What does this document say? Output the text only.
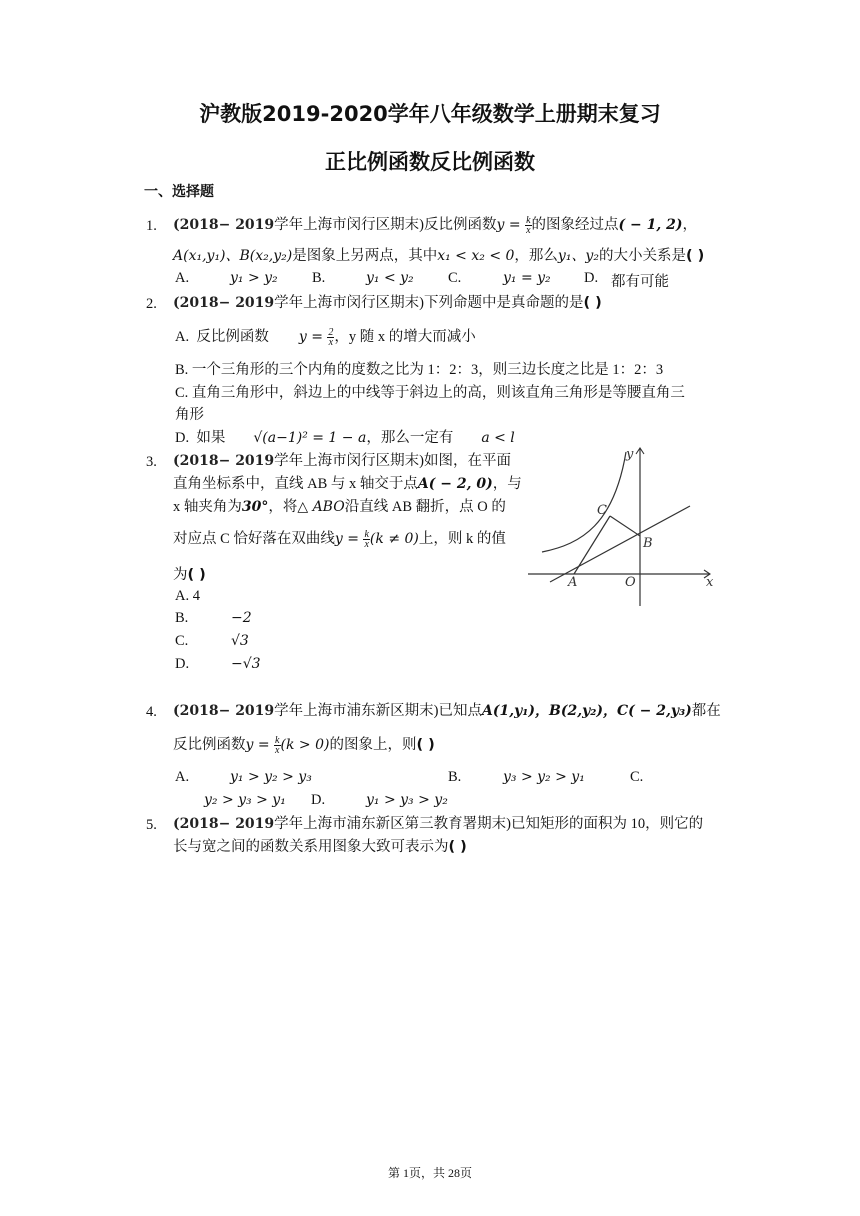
沪教版2019-2020学年八年级数学上册期末复习
正比例函数反比例函数
一、选择题
1. (2018− 2019学年上海市闵行区期末)反比例函数$y = \frac{k}{x}$ 的图象经过点( − 1, 2)，
A(x₁,y₁)、B(x₂,y₂)是图象上另两点，其中x₁ < x₂ < 0，那么y₁、y₂的大小关系是( )
A.	y₁ > y₂ B.	y₁ < y₂ C.	y₁ = y₂ D. 都有可能
2. (2018− 2019学年上海市闵行区期末)下列命题中是真命题的是( )
A. 反比例函数 $y = \frac{2}{x}$ ，y 随 x 的增大而减小
B. 一个三角形的三个内角的度数之比为 1：2：3，则三边长度之比是 1：2：3
C. 直角三角形中，斜边上的中线等于斜边上的高，则该直角三角形是等腰直角三
角形
D. 如果 √(a−1)² = 1 − a，那么一定有 a < l
3. (2018− 2019学年上海市闵行区期末)如图，在平面
直角坐标系中，直线 AB 与 x 轴交于点A( − 2, 0)，与
x 轴夹角为30°，将△ ABO沿直线 AB 翻折，点 O 的
对应点 C 恰好落在双曲线$y = \frac{k}{x} (k \ne 0)$上，则 k 的值
为( )
A. 4
B.	−2
C.	√3
D.	−√3
y
x
C
B
A	O
4. (2018− 2019学年上海市浦东新区期末)已知点A(1,y₁)，B(2,y₂)，C( − 2,y₃)都在
反比例函数$y = \frac{k}{x} (k > 0)$的图象上，则( )
A.	y₁ > y₂ > y₃	B.	y₃ > y₂ > y₁	C.
y₂ > y₃ > y₁ D.	y₁ > y₃ > y₂
5. (2018− 2019学年上海市浦东新区第三教育署期末)已知矩形的面积为 10，则它的
长与宽之间的函数关系用图象大致可表示为( )
第 1页，共 28页
